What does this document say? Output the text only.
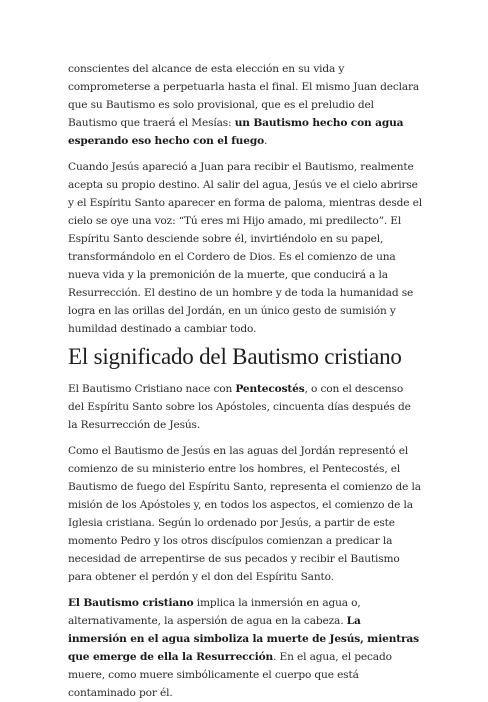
conscientes del alcance de esta elección en su vida y comprometerse a perpetuarla hasta el final. El mismo Juan declara que su Bautismo es solo provisional, que es el preludio del Bautismo que traerá el Mesías: un Bautismo hecho con agua esperando eso hecho con el fuego.

Cuando Jesús apareció a Juan para recibir el Bautismo, realmente acepta su propio destino. Al salir del agua, Jesús ve el cielo abrirse y el Espíritu Santo aparecer en forma de paloma, mientras desde el cielo se oye una voz: “Tú eres mi Hijo amado, mi predilecto”. El Espíritu Santo desciende sobre él, invirtiéndolo en su papel, transformándolo en el Cordero de Dios. Es el comienzo de una nueva vida y la premonición de la muerte, que conducirá a la Resurrección. El destino de un hombre y de toda la humanidad se logra en las orillas del Jordán, en un único gesto de sumisión y humildad destinado a cambiar todo.

El significado del Bautismo cristiano

El Bautismo Cristiano nace con Pentecostés, o con el descenso del Espíritu Santo sobre los Apóstoles, cincuenta días después de la Resurrección de Jesús.

Como el Bautismo de Jesús en las aguas del Jordán representó el comienzo de su ministerio entre los hombres, el Pentecostés, el Bautismo de fuego del Espíritu Santo, representa el comienzo de la misión de los Apóstoles y, en todos los aspectos, el comienzo de la Iglesia cristiana. Según lo ordenado por Jesús, a partir de este momento Pedro y los otros discípulos comienzan a predicar la necesidad de arrepentirse de sus pecados y recibir el Bautismo para obtener el perdón y el don del Espíritu Santo.

El Bautismo cristiano implica la inmersión en agua o, alternativamente, la aspersión de agua en la cabeza. La inmersión en el agua simboliza la muerte de Jesús, mientras que emerge de ella la Resurrección. En el agua, el pecado muere, como muere simbólicamente el cuerpo que está contaminado por él.
